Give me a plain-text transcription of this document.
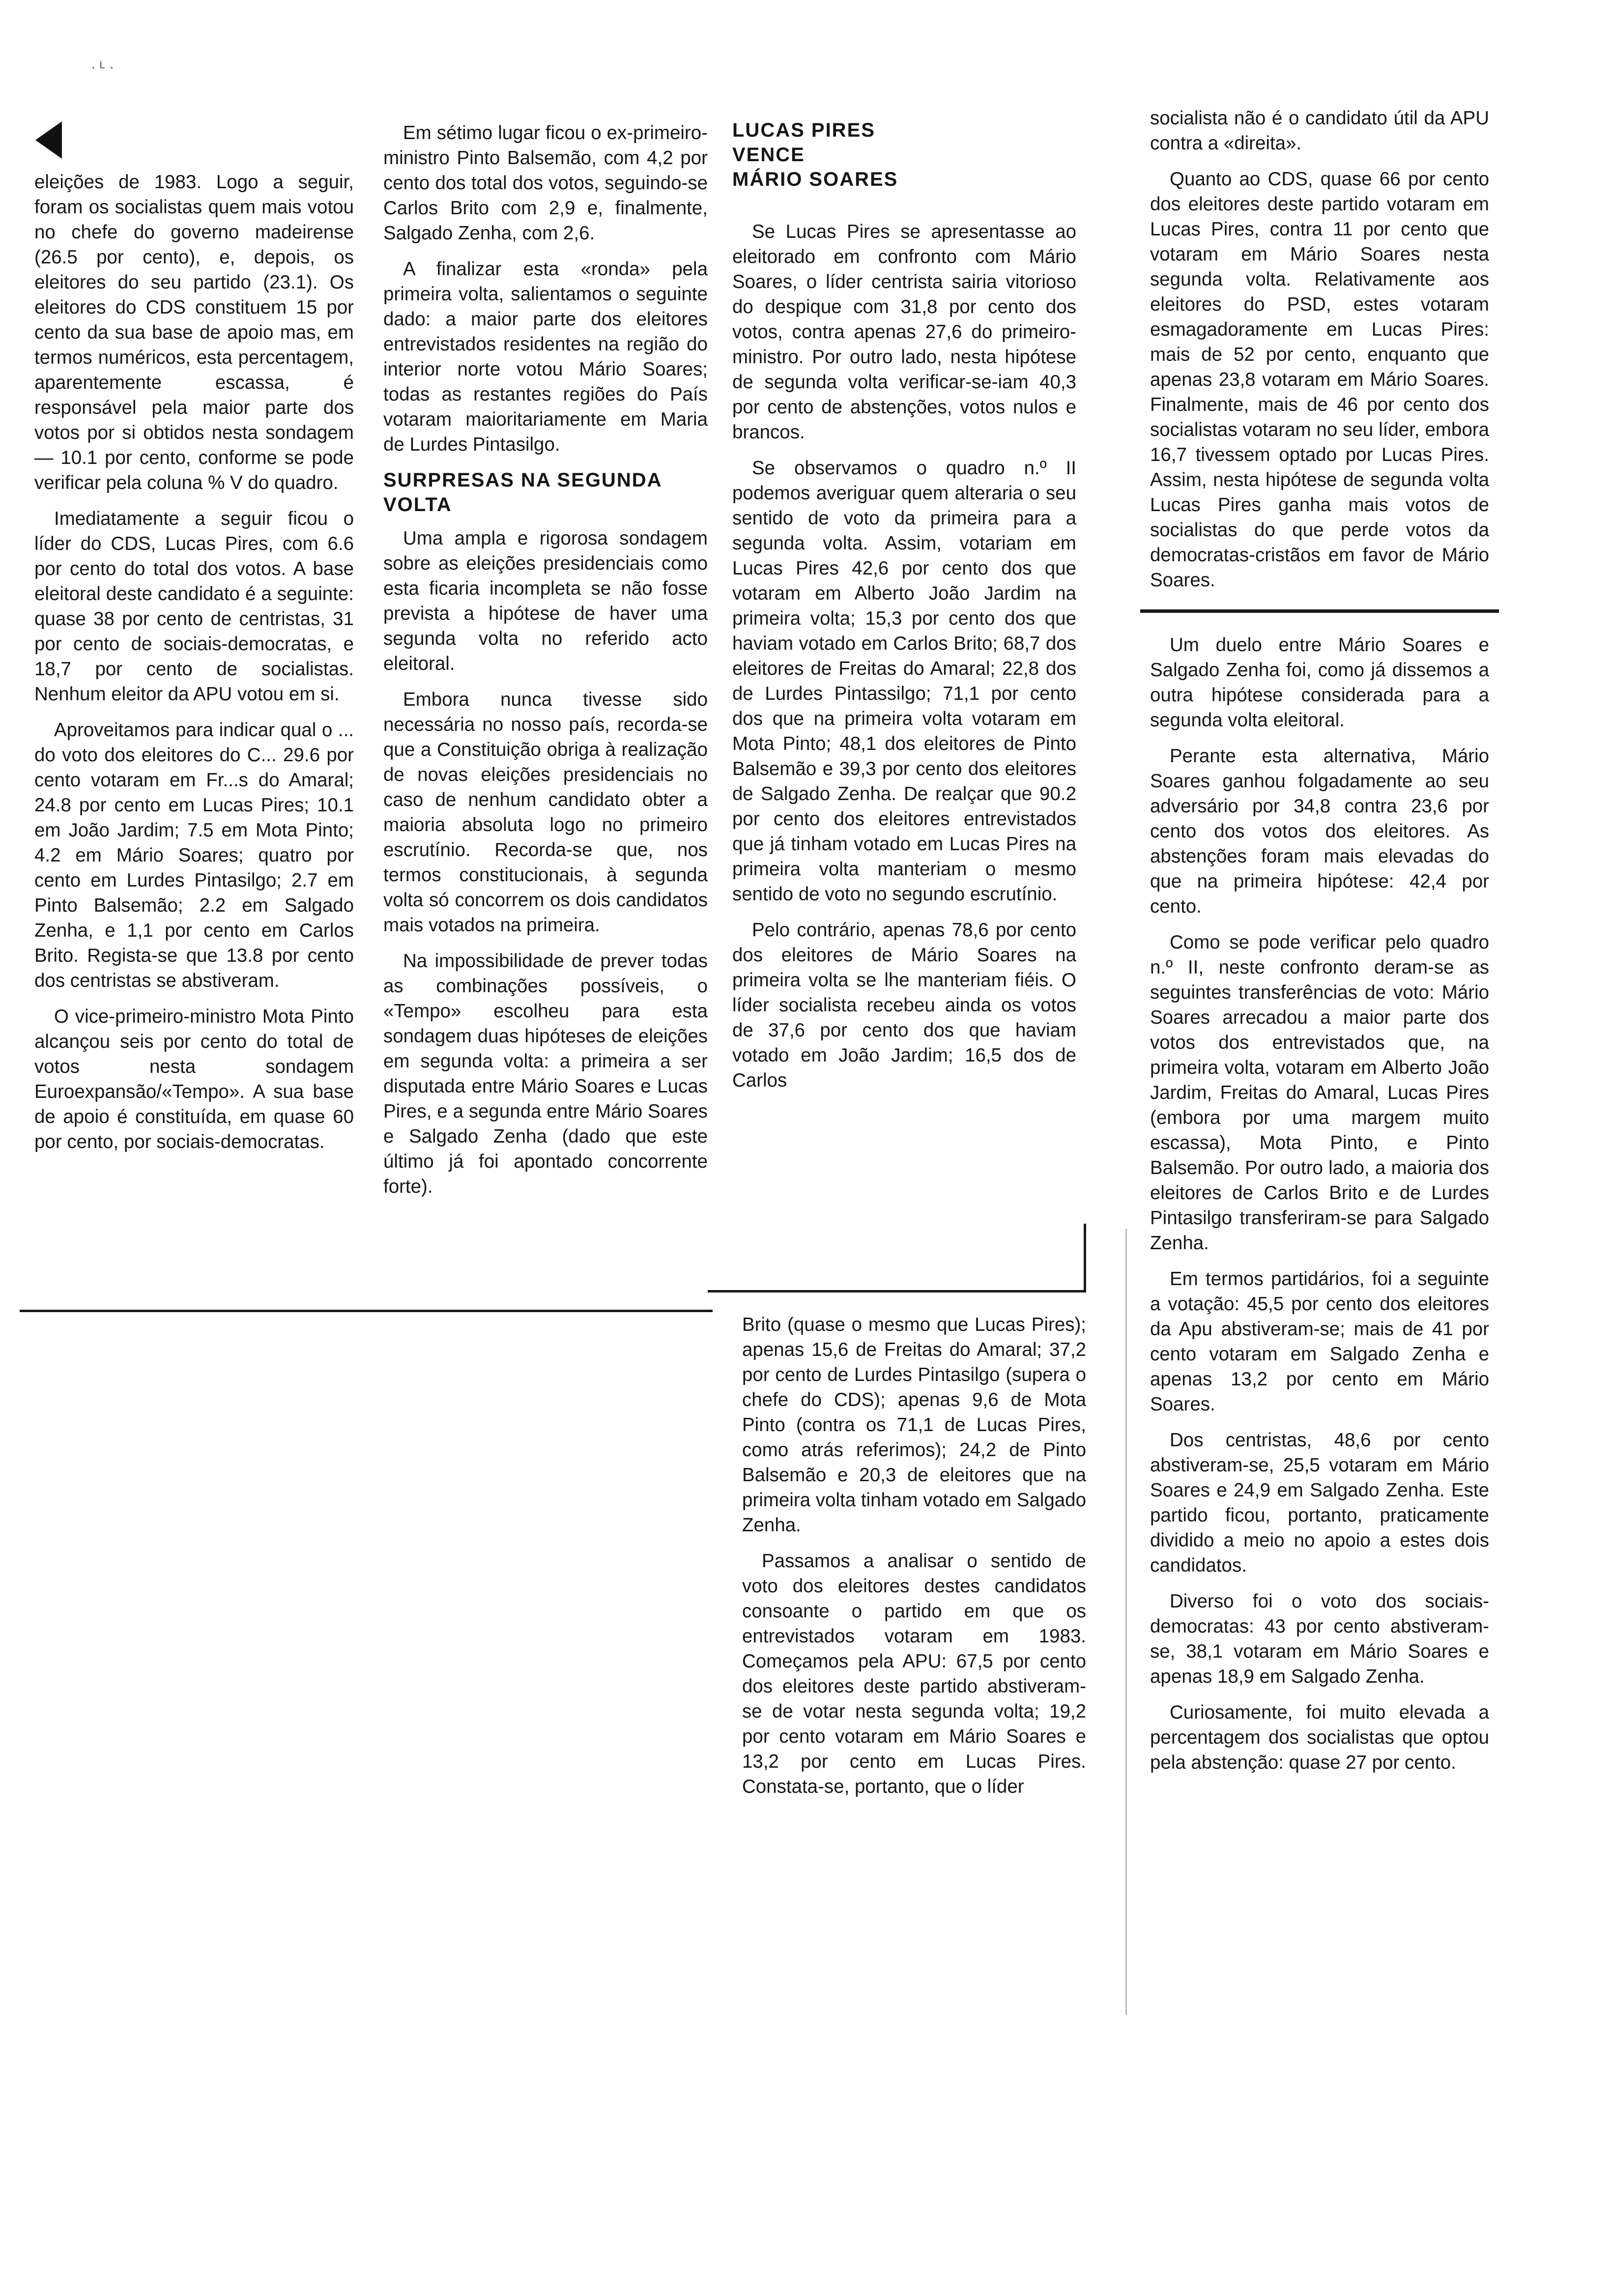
· ᴸ ·

eleições de 1983. Logo a seguir, foram os socialistas quem mais votou no chefe do governo madeirense (26.5 por cento), e, depois, os eleitores do seu partido (23.1). Os eleitores do CDS constituem 15 por cento da sua base de apoio mas, em termos numéricos, esta percentagem, aparentemente escassa, é responsável pela maior parte dos votos por si obtidos nesta sondagem — 10.1 por cento, conforme se pode verificar pela coluna % V do quadro.

Imediatamente a seguir ficou o líder do CDS, Lucas Pires, com 6.6 por cento do total dos votos. A base eleitoral deste candidato é a seguinte: quase 38 por cento de centristas, 31 por cento de sociais-democratas, e 18,7 por cento de socialistas. Nenhum eleitor da APU votou em si.

Aproveitamos para indicar qual o ... do voto dos eleitores do C... 29.6 por cento votaram em Fr...s do Amaral; 24.8 por cento em Lucas Pires; 10.1 em João Jardim; 7.5 em Mota Pinto; 4.2 em Mário Soares; quatro por cento em Lurdes Pintasilgo; 2.7 em Pinto Balsemão; 2.2 em Salgado Zenha, e 1,1 por cento em Carlos Brito. Regista-se que 13.8 por cento dos centristas se abstiveram.

O vice-primeiro-ministro Mota Pinto alcançou seis por cento do total de votos nesta sondagem Euroexpansão/«Tempo». A sua base de apoio é constituída, em quase 60 por cento, por sociais-democratas.

Em sétimo lugar ficou o ex-primeiro-ministro Pinto Balsemão, com 4,2 por cento dos total dos votos, seguindo-se Carlos Brito com 2,9 e, finalmente, Salgado Zenha, com 2,6.

A finalizar esta «ronda» pela primeira volta, salientamos o seguinte dado: a maior parte dos eleitores entrevistados residentes na região do interior norte votou Mário Soares; todas as restantes regiões do País votaram maioritariamente em Maria de Lurdes Pintasilgo.

SURPRESAS NA SEGUNDA VOLTA

Uma ampla e rigorosa sondagem sobre as eleições presidenciais como esta ficaria incompleta se não fosse prevista a hipótese de haver uma segunda volta no referido acto eleitoral.

Embora nunca tivesse sido necessária no nosso país, recorda-se que a Constituição obriga à realização de novas eleições presidenciais no caso de nenhum candidato obter a maioria absoluta logo no primeiro escrutínio. Recorda-se que, nos termos constitucionais, à segunda volta só concorrem os dois candidatos mais votados na primeira.

Na impossibilidade de prever todas as combinações possíveis, o «Tempo» escolheu para esta sondagem duas hipóteses de eleições em segunda volta: a primeira a ser disputada entre Mário Soares e Lucas Pires, e a segunda entre Mário Soares e Salgado Zenha (dado que este último já foi apontado concorrente forte).

LUCAS PIRES
VENCE
MÁRIO SOARES

Se Lucas Pires se apresentasse ao eleitorado em confronto com Mário Soares, o líder centrista sairia vitorioso do despique com 31,8 por cento dos votos, contra apenas 27,6 do primeiro-ministro. Por outro lado, nesta hipótese de segunda volta verificar-se-iam 40,3 por cento de abstenções, votos nulos e brancos.

Se observamos o quadro n.º II podemos averiguar quem alteraria o seu sentido de voto da primeira para a segunda volta. Assim, votariam em Lucas Pires 42,6 por cento dos que votaram em Alberto João Jardim na primeira volta; 15,3 por cento dos que haviam votado em Carlos Brito; 68,7 dos eleitores de Freitas do Amaral; 22,8 dos de Lurdes Pintassilgo; 71,1 por cento dos que na primeira volta votaram em Mota Pinto; 48,1 dos eleitores de Pinto Balsemão e 39,3 por cento dos eleitores de Salgado Zenha. De realçar que 90.2 por cento dos eleitores entrevistados que já tinham votado em Lucas Pires na primeira volta manteriam o mesmo sentido de voto no segundo escrutínio.

Pelo contrário, apenas 78,6 por cento dos eleitores de Mário Soares na primeira volta se lhe manteriam fiéis. O líder socialista recebeu ainda os votos de 37,6 por cento dos que haviam votado em João Jardim; 16,5 dos de Carlos

Brito (quase o mesmo que Lucas Pires); apenas 15,6 de Freitas do Amaral; 37,2 por cento de Lurdes Pintasilgo (supera o chefe do CDS); apenas 9,6 de Mota Pinto (contra os 71,1 de Lucas Pires, como atrás referimos); 24,2 de Pinto Balsemão e 20,3 de eleitores que na primeira volta tinham votado em Salgado Zenha.

Passamos a analisar o sentido de voto dos eleitores destes candidatos consoante o partido em que os entrevistados votaram em 1983. Começamos pela APU: 67,5 por cento dos eleitores deste partido abstiveram-se de votar nesta segunda volta; 19,2 por cento votaram em Mário Soares e 13,2 por cento em Lucas Pires. Constata-se, portanto, que o líder

socialista não é o candidato útil da APU contra a «direita».

Quanto ao CDS, quase 66 por cento dos eleitores deste partido votaram em Lucas Pires, contra 11 por cento que votaram em Mário Soares nesta segunda volta. Relativamente aos eleitores do PSD, estes votaram esmagadoramente em Lucas Pires: mais de 52 por cento, enquanto que apenas 23,8 votaram em Mário Soares. Finalmente, mais de 46 por cento dos socialistas votaram no seu líder, embora 16,7 tivessem optado por Lucas Pires. Assim, nesta hipótese de segunda volta Lucas Pires ganha mais votos de socialistas do que perde votos da democratas-cristãos em favor de Mário Soares.

Um duelo entre Mário Soares e Salgado Zenha foi, como já dissemos a outra hipótese considerada para a segunda volta eleitoral.

Perante esta alternativa, Mário Soares ganhou folgadamente ao seu adversário por 34,8 contra 23,6 por cento dos votos dos eleitores. As abstenções foram mais elevadas do que na primeira hipótese: 42,4 por cento.

Como se pode verificar pelo quadro n.º II, neste confronto deram-se as seguintes transferências de voto: Mário Soares arrecadou a maior parte dos votos dos entrevistados que, na primeira volta, votaram em Alberto João Jardim, Freitas do Amaral, Lucas Pires (embora por uma margem muito escassa), Mota Pinto, e Pinto Balsemão. Por outro lado, a maioria dos eleitores de Carlos Brito e de Lurdes Pintasilgo transferiram-se para Salgado Zenha.

Em termos partidários, foi a seguinte a votação: 45,5 por cento dos eleitores da Apu abstiveram-se; mais de 41 por cento votaram em Salgado Zenha e apenas 13,2 por cento em Mário Soares.

Dos centristas, 48,6 por cento abstiveram-se, 25,5 votaram em Mário Soares e 24,9 em Salgado Zenha. Este partido ficou, portanto, praticamente dividido a meio no apoio a estes dois candidatos.

Diverso foi o voto dos sociais-democratas: 43 por cento abstiveram-se, 38,1 votaram em Mário Soares e apenas 18,9 em Salgado Zenha.

Curiosamente, foi muito elevada a percentagem dos socialistas que optou pela abstenção: quase 27 por cento.
